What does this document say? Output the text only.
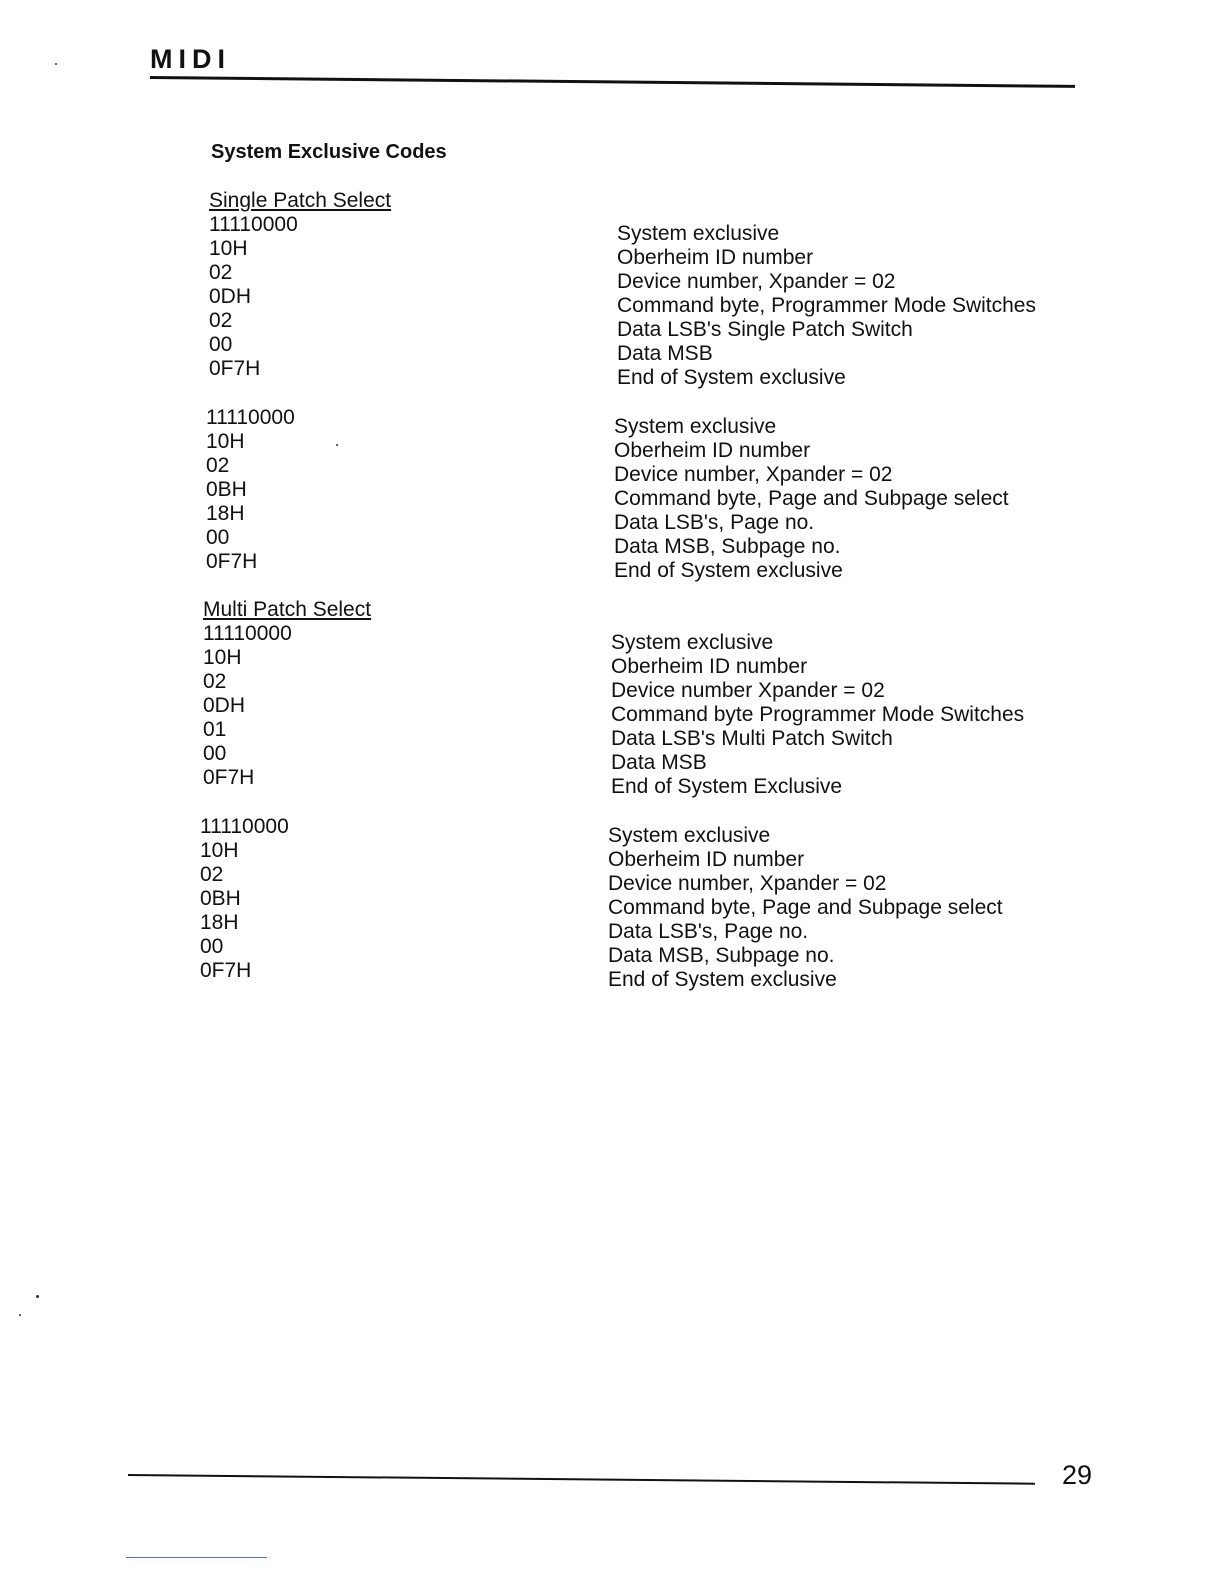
MIDI
System Exclusive Codes
Single Patch Select
11110000	System exclusive
10H	Oberheim ID number
02	Device number, Xpander = 02
0DH	Command byte, Programmer Mode Switches
02	Data LSB's Single Patch Switch
00	Data MSB
0F7H	End of System exclusive
11110000	System exclusive
10H	Oberheim ID number
02	Device number, Xpander = 02
0BH	Command byte, Page and Subpage select
18H	Data LSB's, Page no.
00	Data MSB, Subpage no.
0F7H	End of System exclusive
Multi Patch Select
11110000	System exclusive
10H	Oberheim ID number
02	Device number Xpander = 02
0DH	Command byte Programmer Mode Switches
01	Data LSB's Multi Patch Switch
00	Data MSB
0F7H	End of System Exclusive
11110000	System exclusive
10H	Oberheim ID number
02	Device number, Xpander = 02
0BH	Command byte, Page and Subpage select
18H	Data LSB's, Page no.
00	Data MSB, Subpage no.
0F7H	End of System exclusive
29
